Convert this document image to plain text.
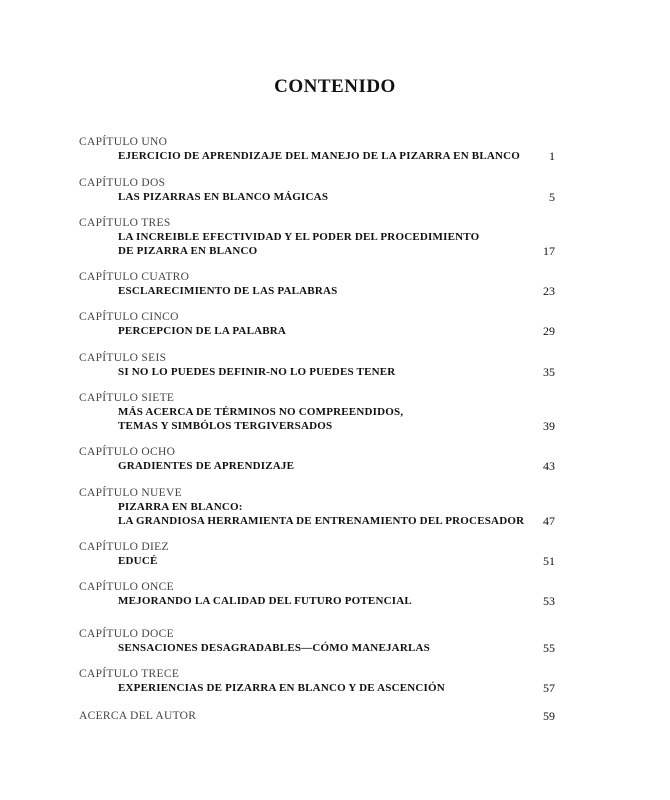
CONTENIDO
CAPÍTULO UNO
EJERCICIO DE APRENDIZAJE DEL MANEJO DE LA PIZARRA EN BLANCO	1
CAPÍTULO DOS
LAS PIZARRAS EN BLANCO MÁGICAS	5
CAPÍTULO TRES
LA INCREIBLE EFECTIVIDAD Y EL PODER DEL PROCEDIMIENTO
DE PIZARRA EN BLANCO	17
CAPÍTULO CUATRO
ESCLARECIMIENTO DE LAS PALABRAS	23
CAPÍTULO CINCO
PERCEPCION DE LA PALABRA	29
CAPÍTULO SEIS
SI NO LO PUEDES DEFINIR-NO LO PUEDES TENER	35
CAPÍTULO SIETE
MÁS ACERCA DE TÉRMINOS NO COMPREENDIDOS,
TEMAS Y SIMBÓLOS TERGIVERSADOS	39
CAPÍTULO OCHO
GRADIENTES DE APRENDIZAJE	43
CAPÍTULO NUEVE
PIZARRA EN BLANCO:
LA GRANDIOSA HERRAMIENTA DE ENTRENAMIENTO DEL PROCESADOR	47
CAPÍTULO DIEZ
EDUCÉ	51
CAPÍTULO ONCE
MEJORANDO LA CALIDAD DEL FUTURO POTENCIAL	53
CAPÍTULO DOCE
SENSACIONES DESAGRADABLES—CÓMO MANEJARLAS	55
CAPÍTULO TRECE
EXPERIENCIAS DE PIZARRA EN BLANCO Y DE ASCENCIÓN	57
ACERCA DEL AUTOR	59
